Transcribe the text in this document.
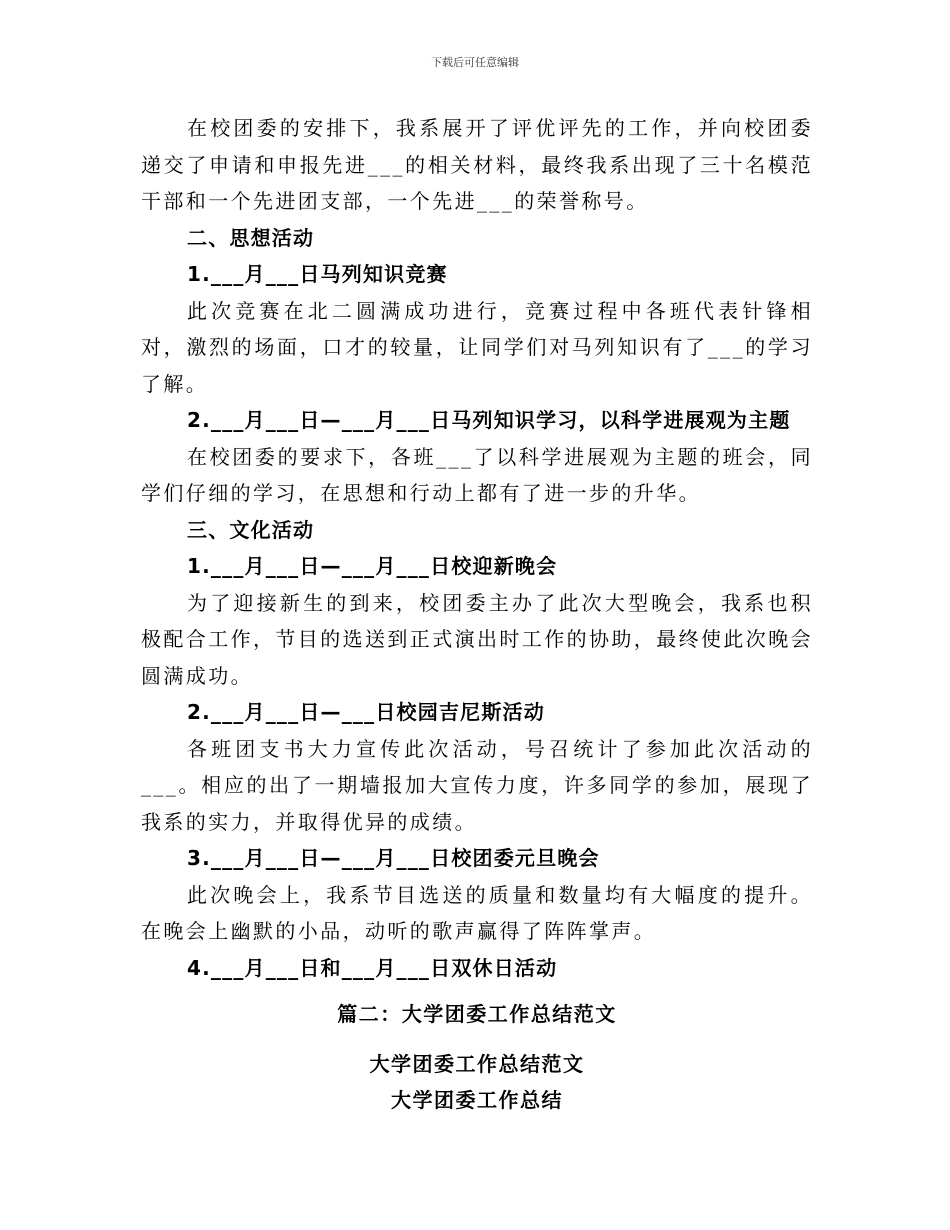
下载后可任意编辑

在校团委的安排下，我系展开了评优评先的工作，并向校团委递交了申请和申报先进___的相关材料，最终我系出现了三十名模范干部和一个先进团支部，一个先进___的荣誉称号。

二、思想活动

1.___月___日马列知识竞赛

此次竞赛在北二圆满成功进行，竞赛过程中各班代表针锋相对，激烈的场面，口才的较量，让同学们对马列知识有了___的学习了解。

2.___月___日—___月___日马列知识学习，以科学进展观为主题

在校团委的要求下，各班___了以科学进展观为主题的班会，同学们仔细的学习，在思想和行动上都有了进一步的升华。

三、文化活动

1.___月___日—___月___日校迎新晚会

为了迎接新生的到来，校团委主办了此次大型晚会，我系也积极配合工作，节目的选送到正式演出时工作的协助，最终使此次晚会圆满成功。

2.___月___日—___日校园吉尼斯活动

各班团支书大力宣传此次活动，号召统计了参加此次活动的___。相应的出了一期墙报加大宣传力度，许多同学的参加，展现了我系的实力，并取得优异的成绩。

3.___月___日—___月___日校团委元旦晚会

此次晚会上，我系节目选送的质量和数量均有大幅度的提升。在晚会上幽默的小品，动听的歌声赢得了阵阵掌声。

4.___月___日和___月___日双休日活动

篇二：大学团委工作总结范文

大学团委工作总结范文

大学团委工作总结
